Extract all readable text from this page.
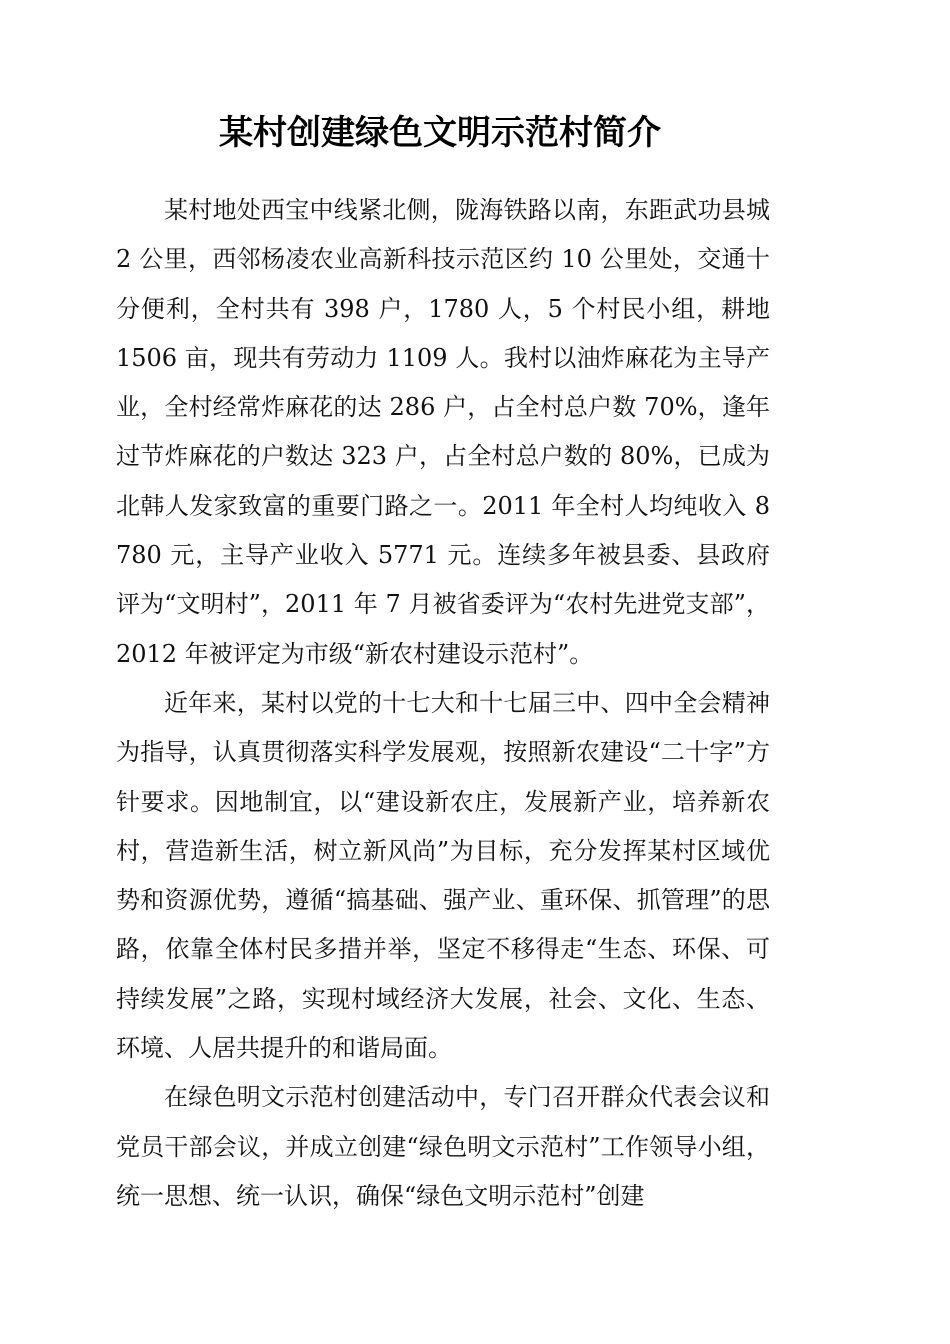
某村创建绿色文明示范村简介

某村地处西宝中线紧北侧，陇海铁路以南，东距武功县城 2 公里，西邻杨凌农业高新科技示范区约 10 公里处，交通十分便利，全村共有 398 户，1780 人，5 个村民小组，耕地 1506 亩，现共有劳动力 1109 人。我村以油炸麻花为主导产业，全村经常炸麻花的达 286 户，占全村总户数 70%，逢年过节炸麻花的户数达 323 户，占全村总户数的 80%，已成为北韩人发家致富的重要门路之一。2011 年全村人均纯收入 8780 元，主导产业收入 5771 元。连续多年被县委、县政府评为“文明村”，2011 年 7 月被省委评为“农村先进党支部”，2012 年被评定为市级“新农村建设示范村”。

近年来，某村以党的十七大和十七届三中、四中全会精神为指导，认真贯彻落实科学发展观，按照新农建设“二十字”方针要求。因地制宜，以“建设新农庄，发展新产业，培养新农村，营造新生活，树立新风尚”为目标，充分发挥某村区域优势和资源优势，遵循“搞基础、强产业、重环保、抓管理”的思路，依靠全体村民多措并举，坚定不移得走“生态、环保、可持续发展”之路，实现村域经济大发展，社会、文化、生态、环境、人居共提升的和谐局面。

在绿色明文示范村创建活动中，专门召开群众代表会议和党员干部会议，并成立创建“绿色明文示范村”工作领导小组，统一思想、统一认识，确保“绿色文明示范村”创建
